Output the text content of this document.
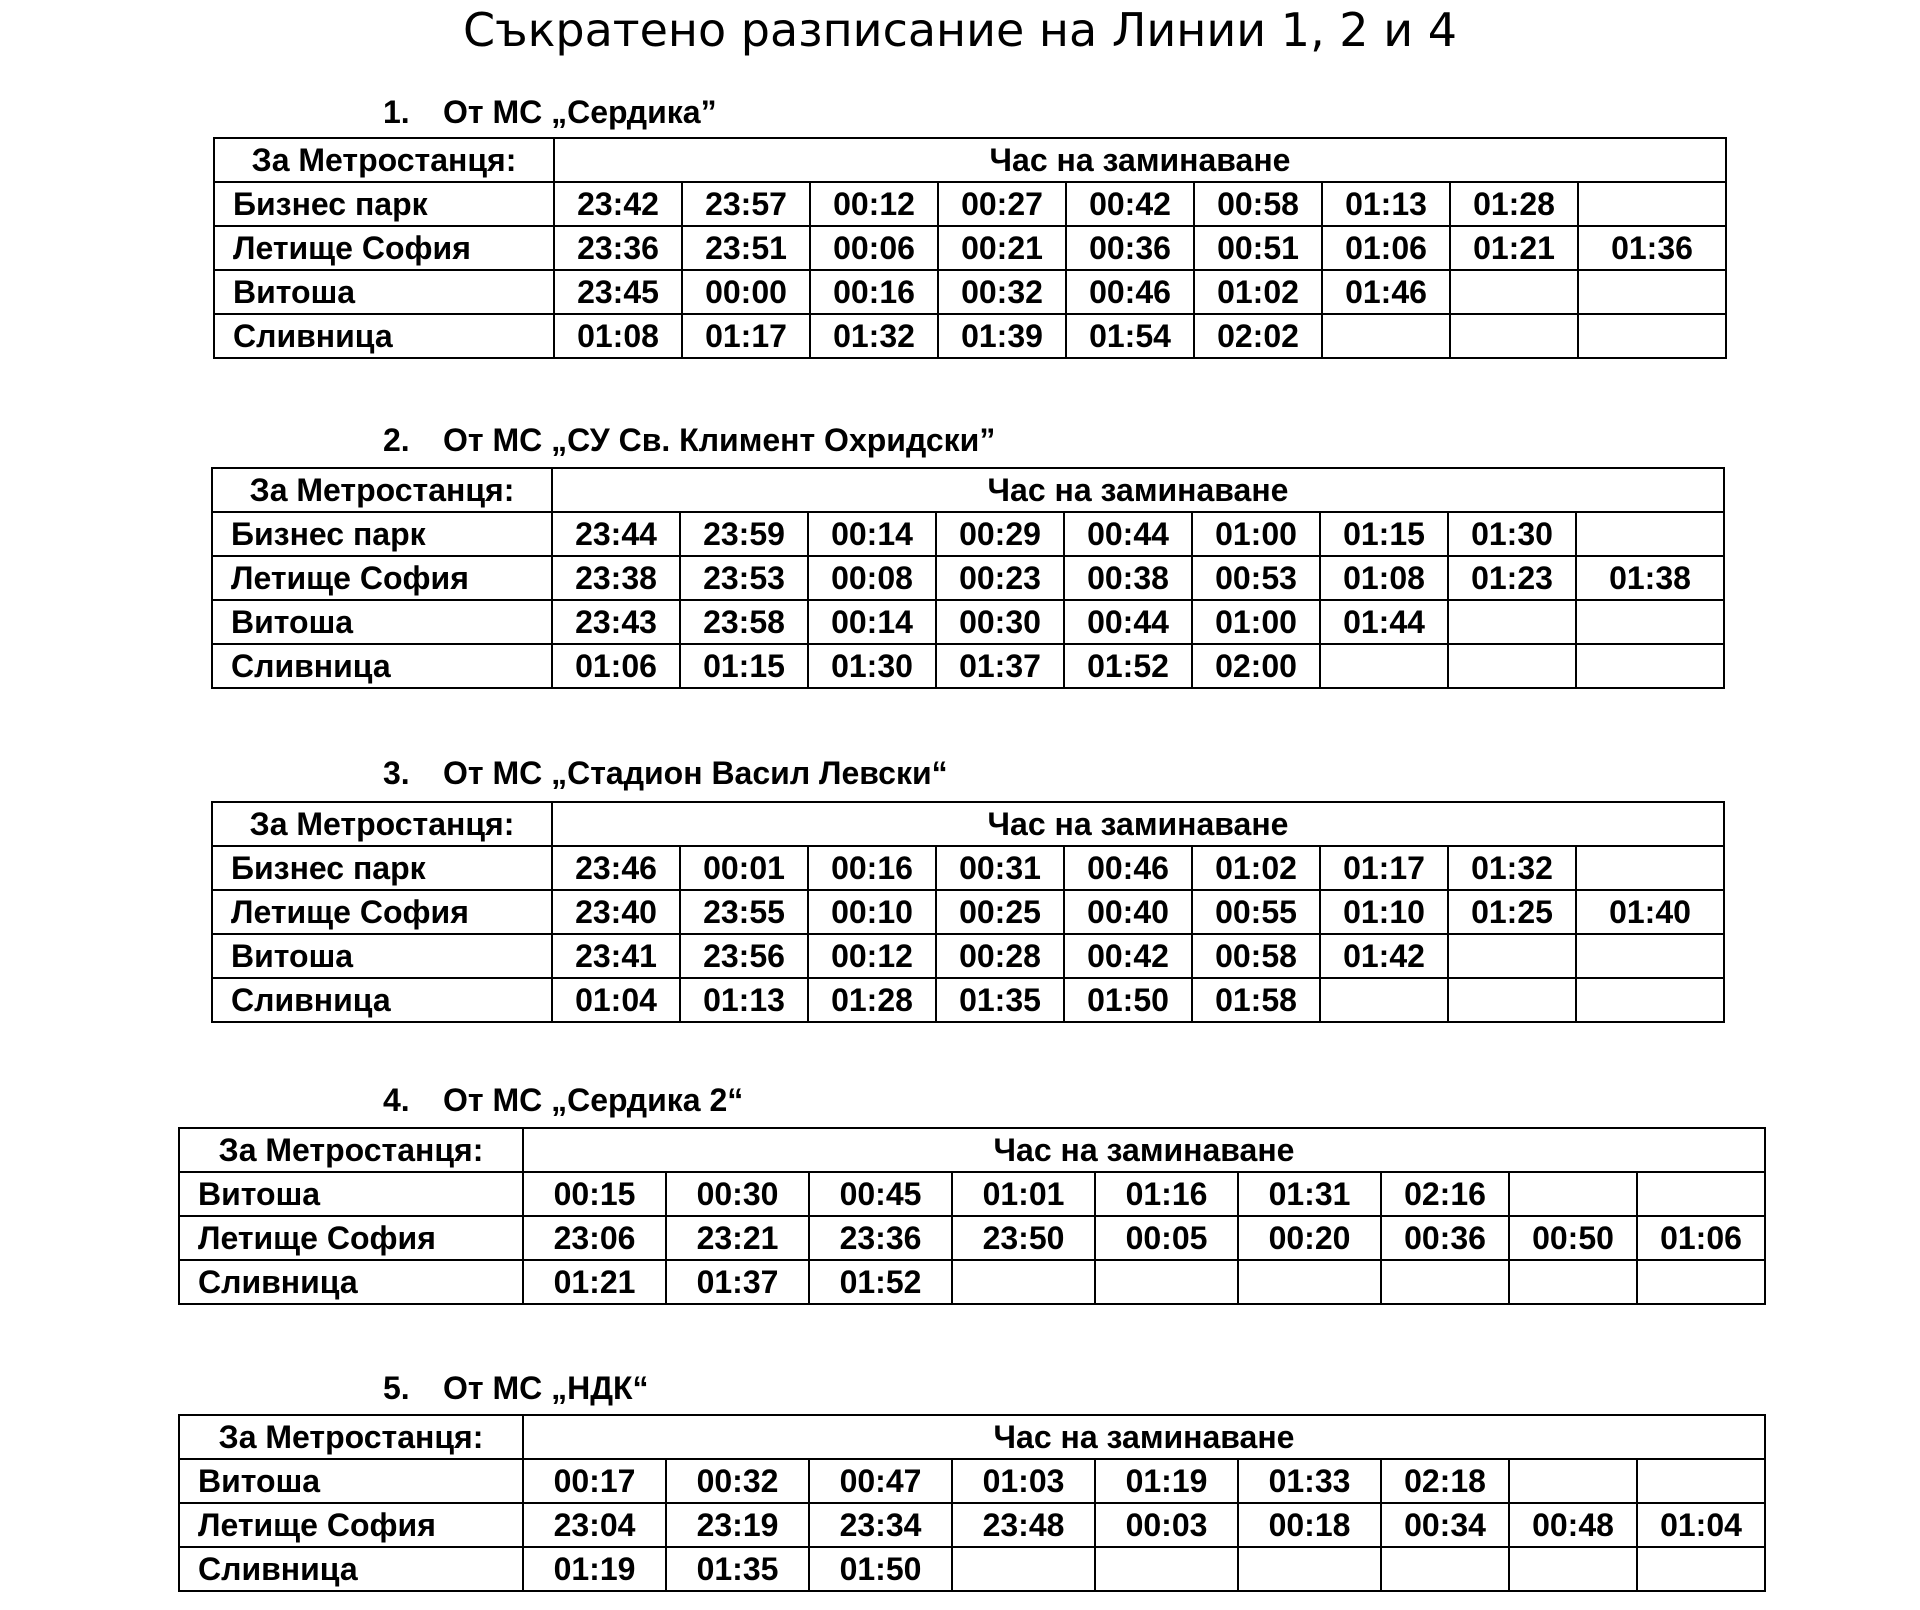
Съкратено разписание на Линии 1, 2 и 4
1. От МС „Сердика”
За Метростанця:	Час на заминаване								
Бизнес парк	23:42	23:57	00:12	00:27	00:42	00:58	01:13	01:28	
Летище София	23:36	23:51	00:06	00:21	00:36	00:51	01:06	01:21	01:36
Витоша	23:45	00:00	00:16	00:32	00:46	01:02	01:46		
Сливница	01:08	01:17	01:32	01:39	01:54	02:02			
2. От МС „СУ Св. Климент Охридски”
За Метростанця:	Час на заминаване								
Бизнес парк	23:44	23:59	00:14	00:29	00:44	01:00	01:15	01:30	
Летище София	23:38	23:53	00:08	00:23	00:38	00:53	01:08	01:23	01:38
Витоша	23:43	23:58	00:14	00:30	00:44	01:00	01:44		
Сливница	01:06	01:15	01:30	01:37	01:52	02:00			
3. От МС „Стадион Васил Левски“
За Метростанця:	Час на заминаване								
Бизнес парк	23:46	00:01	00:16	00:31	00:46	01:02	01:17	01:32	
Летище София	23:40	23:55	00:10	00:25	00:40	00:55	01:10	01:25	01:40
Витоша	23:41	23:56	00:12	00:28	00:42	00:58	01:42		
Сливница	01:04	01:13	01:28	01:35	01:50	01:58			
4. От МС „Сердика 2“
За Метростанця:	Час на заминаване								
Витоша	00:15	00:30	00:45	01:01	01:16	01:31	02:16		
Летище София	23:06	23:21	23:36	23:50	00:05	00:20	00:36	00:50	01:06
Сливница	01:21	01:37	01:52						
5. От МС „НДК“
За Метростанця:	Час на заминаване								
Витоша	00:17	00:32	00:47	01:03	01:19	01:33	02:18		
Летище София	23:04	23:19	23:34	23:48	00:03	00:18	00:34	00:48	01:04
Сливница	01:19	01:35	01:50						
